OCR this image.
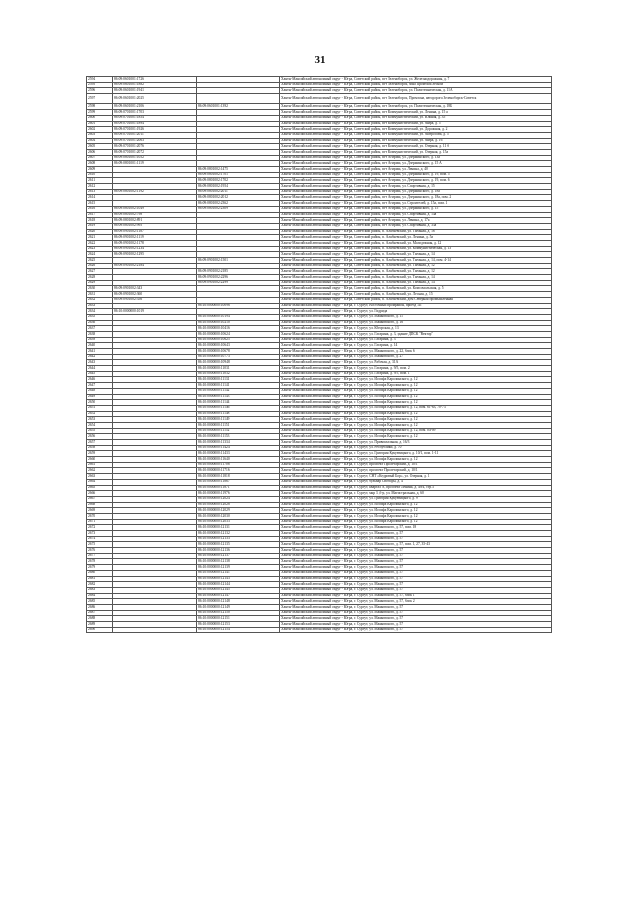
31
2594	86:09:0601001:1726		Ханты-Мансийский автономный округ - Югра, Советский район, пгт Зеленоборск, ул. Железнодорожная, д. 7
2595	86:09:0601001:1882		Ханты-Мансийский автономный округ - Югра, Советский район, пгт Зеленоборск, зона Промбаза лесной
2596	86:09:0601001:1941		Ханты-Мансийский автономный округ - Югра, Советский район, пгт Зеленоборск, ул. Политехническая, д. 11А
2597	86:09:0601001:2025		Ханты-Мансийский автономный округ - Югра, Советский район, пгт Зеленоборск, Промзона, автодорога Зеленоборск-Советск
2598	86:09:0601001:2106	86:09:0601001:1392	Ханты-Мансийский автономный округ - Югра, Советский район, пгт Зеленоборск, ул. Политехническая, д. 18Б
2599	86:09:0701001:1703		Ханты-Мансийский автономный округ - Югра, Советский район, пгт Коммунистический, ул. Ленина, д. 15 а
2600	86:09:0701001:1854		Ханты-Мансийский автономный округ - Югра, Советский район, пгт Коммунистический, ул. Южная, д. 35
2601	86:09:0701001:1894		Ханты-Мансийский автономный округ - Югра, Советский район, пгт Коммунистический, ул. Мира, д. 5
2602	86:09:0701001:1926		Ханты-Мансийский автономный округ - Югра, Советский район, пгт Коммунистический, ул. Дорожная, д. 2
2603	86:09:0701001:2011		Ханты-Мансийский автономный округ - Югра, Советский район, пгт Коммунистический, ул. Матросова, д. 5
2604	86:09:0701001:2063		Ханты-Мансийский автономный округ - Югра, Советский район, пгт Коммунистический, ул. Мира, д. 16
2605	86:09:0701001:2076		Ханты-Мансийский автономный округ - Югра, Советский район, пгт Коммунистический, ул. Озерная, д. 11 б
2606	86:09:0701001:2072		Ханты-Мансийский автономный округ - Югра, Советский район, пгт Коммунистический, ул. Озерная, д. 15а
2607	86:09:0801001:1052		Ханты-Мансийский автономный округ - Югра, Советский район, пгт Агириш, ул. Дзержинского, д. 13а
2608	86:09:0801001:1119		Ханты-Мансийский автономный округ - Югра, Советский район, пгт Агириш, ул. Дзержинского, д. 15 А
2609		86:09:0801002:1475	Ханты-Мансийский автономный округ - Югра, Советский район, пгт Агириш, ул. Ленина, д. 40
2610		86:09:0801002:1701	Ханты-Мансийский автономный округ - Югра, Советский район, пгт Агириш, ул. Дзержинского, д. 19, пом. 5
2611		86:09:0801002:1702	Ханты-Мансийский автономный округ - Югра, Советский район, пгт Агириш, ул. Дзержинского, д. 19, пом. 6
2612		86:09:0801002:1954	Ханты-Мансийский автономный округ - Югра, Советский район, пгт Агириш, ул. Спортивная, д. 15
2613	86:09:0801002:1192	86:09:0801002:2011	Ханты-Мансийский автономный округ - Югра, Советский район, пгт Агириш, ул. Дзержинского, д. 18а
2614		86:09:0801002:2012	Ханты-Мансийский автономный округ - Югра, Советский район, пгт Агириш, ул. Дзержинского, д. 18а, пом. 2
2615		86:09:0801002:2362	Ханты-Мансийский автономный округ - Югра, Советский район, пгт Агириш, ул. Строителей, д. 15а, пом. 1
2616	86:09:0801002:1049	86:09:0801002:2309	Ханты-Мансийский автономный округ - Югра, Советский район, пгт Агириш, ул. Дзержинского, д. 15
2617	86:09:0801002:798		Ханты-Мансийский автономный округ - Югра, Советский район, пгт Агириш, ул. Спортивная, д. 14а
2618	86:09:0801002:891		Ханты-Мансийский автономный округ - Югра, Советский район, пгт Агириш, ул. Ленина, д. 17а
2619	86:09:0801002:995		Ханты-Мансийский автономный округ - Югра, Советский район, пгт Агириш, ул. Спортивная, д. 33а
2620	86:09:0901002:1187		Ханты-Мансийский автономный округ - Югра, Советский район, п. Алябьевский, ул. Таежная, д. 16
2621	86:09:0901002:1119		Ханты-Мансийский автономный округ - Югра, Советский район, п. Алябьевский, ул. Ленина, д. 5а
2622	86:09:0901002:1178		Ханты-Мансийский автономный округ - Югра, Советский район, п. Алябьевский, ул. Молодежная, д. 12
2623	86:09:0901002:1234		Ханты-Мансийский автономный округ - Югра, Советский район, п. Алябьевский, ул. Коммунистическая, д. 13
2624	86:09:0901002:1295		Ханты-Мансийский автономный округ - Югра, Советский район, п. Алябьевский, ул. Таежная, д. 14
2625		86:09:0901002:1501	Ханты-Мансийский автономный округ - Югра, Советский район, п. Алябьевский, ул. Таежная, д. 14, пом. 4-14
2626	86:09:0901002:2184		Ханты-Мансийский автономный округ - Югра, Советский район, п. Алябьевский, ул. Таежная, д. 12
2627		86:09:0901002:2185	Ханты-Мансийский автономный округ - Югра, Советский район, п. Алябьевский, ул. Таежная, д. 12
2628		86:09:0901002:2296	Ханты-Мансийский автономный округ - Югра, Советский район, п. Алябьевский, ул. Таежная, д. 14
2629		86:09:0901002:2299	Ханты-Мансийский автономный округ - Югра, Советский район, п. Алябьевский, ул. Таежная, д. 14
2630	86:09:0901002:343		Ханты-Мансийский автономный округ - Югра, Советский район, п. Алябьевский, ул. Комсомольская, д. 5
2631	86:09:0901002:360		Ханты-Мансийский автономный округ - Югра, Советский район, п. Алябьевский, ул. Лесная, д. 15
2632	86:09:0901002:356		Ханты-Мансийский автономный округ - Югра, Советский район, п. Алябьевский, дом Северная промышленная
2633		86:10:0000000:10096	Ханты-Мансийский автономный округ - Югра, г. Сургут, Восточный промрайон, проезд 1П
2634	86:10:0000000:1019		Ханты-Мансийский автономный округ - Югра, г. Сургут, ул. Гидрида
2635		86:10:0000000:10194	Ханты-Мансийский автономный округ - Югра, г. Сургут, ул. Маяковского, д. 11
2636		86:10:0000000:10210	Ханты-Мансийский автономный округ - Югра, г. Сургут, ул. Маяковского, д. 16
2637		86:10:0000000:10416	Ханты-Мансийский автономный округ - Югра, г. Сургут, ул. Югорская, д. 13
2638		86:10:0000000:10624	Ханты-Мансийский автономный округ - Югра, г. Сургут, ул. Гагарина, д. 3, здание ДПСК "Вектор"
2639		86:10:0000000:10625	Ханты-Мансийский автономный округ - Югра, г. Сургут, ул. Гагарина, д. 3
2640		86:10:0000000:10643	Ханты-Мансийский автономный округ - Югра, г. Сургут, ул. Гагарина, д. 14
2641		86:10:0000000:10678	Ханты-Мансийский автономный округ - Югра, г. Сургут, ул. Маяковского, д. 22, блок 6
2642		86:10:0000000:10773	Ханты-Мансийский автономный округ - Югра, г. Сургут, ул. Маяковского, д. 27
2643		86:10:0000000:10948	Ханты-Мансийский автономный округ - Югра, г. Сургут, ул. Рабочая, д. 31А
2644		86:10:0000000:11031	Ханты-Мансийский автономный округ - Югра, г. Сургут, ул. Гагарина, д. 9/5, пом. 2
2645		86:10:0000000:11032	Ханты-Мансийский автономный округ - Югра, г. Сургут, ул. Гагарина, д. 9/5, пом. 1
2646		86:10:0000000:11131	Ханты-Мансийский автономный округ - Югра, г. Сургут, ул. Иосифа Каролинского, д. 12
2647		86:10:0000000:11141	Ханты-Мансийский автономный округ - Югра, г. Сургут, ул. Иосифа Каролинского, д. 12
2648		86:10:0000000:11142	Ханты-Мансийский автономный округ - Югра, г. Сургут, ул. Иосифа Каролинского, д. 12
2649		86:10:0000000:11143	Ханты-Мансийский автономный округ - Югра, г. Сургут, ул. Иосифа Каролинского, д. 12
2650		86:10:0000000:11144	Ханты-Мансийский автономный округ - Югра, г. Сургут, ул. Иосифа Каролинского, д. 12
2651		86:10:0000000:11146	Ханты-Мансийский автономный округ - Югра, г. Сургут, ул. Иосифа Каролинского, д. 12, пом. 61-63, 70-73
2652		86:10:0000000:11148	Ханты-Мансийский автономный округ - Югра, г. Сургут, ул. Иосифа Каролинского, д. 12
2653		86:10:0000000:11149	Ханты-Мансийский автономный округ - Югра, г. Сургут, ул. Иосифа Каролинского, д. 12
2654		86:10:0000000:11151	Ханты-Мансийский автономный округ - Югра, г. Сургут, ул. Иосифа Каролинского, д. 12
2655		86:10:0000000:11152	Ханты-Мансийский автономный округ - Югра, г. Сургут, ул. Иосифа Каролинского, д. 12, пом. 04-09
2656		86:10:0000000:11153	Ханты-Мансийский автономный округ - Югра, г. Сургут, ул. Иосифа Каролинского, д. 12
2657		86:10:0000000:11334	Ханты-Мансийский автономный округ - Югра, г. Сургут, ул. Привокзальная, д. 16/3
2658		86:10:0000000:11424	Ханты-Мансийский автономный округ - Югра, г. Сургут, ул. Республики, д. 70
2659		86:10:0000000:11433	Ханты-Мансийский автономный округ - Югра, г. Сургут, ул. Григория Кукуевицкого, д. 10/1, пом. 1-11
2660		86:10:0000000:11640	Ханты-Мансийский автономный округ - Югра, г. Сургут, ул. Иосифа Каролинского, д. 12
2661		86:10:0000000:11708	Ханты-Мансийский автономный округ - Югра, г. Сургут, проспект Пролетарский, д. 10/1
2662		86:10:0000000:11716	Ханты-Мансийский автономный округ - Югра, г. Сургут, проспект Пролетарский, д. 10/1
2663		86:10:0000000:11818	Ханты-Мансийский автономный округ - Югра, г. Сургут, СНТ «Кедровый Бор», ул. Озерная, д. 1
2664		86:10:0000000:11867	Ханты-Мансийский автономный округ - Югра, г. Сургут, бульвар Свободы, д. 4
2665		86:10:0000000:11871	Ханты-Мансийский автономный округ - Югра, г. Сургут, квартал А, проспект Ленина, д. 49/4, стр.3
2666		86:10:0000000:11976	Ханты-Мансийский автономный округ - Югра, г. Сургут, мкр 3 ,б-р, ул. Магистральная, д. 60
2667		86:10:0000000:12024	Ханты-Мансийский автономный округ - Югра, г. Сургут, ул. Григория Кукуевицкого, д. 9
2668		86:10:0000000:12028	Ханты-Мансийский автономный округ - Югра, г. Сургут, ул. Иосифа Каролинского, д. 12
2669		86:10:0000000:12029	Ханты-Мансийский автономный округ - Югра, г. Сургут, ул. Иосифа Каролинского, д. 12
2670		86:10:0000000:12030	Ханты-Мансийский автономный округ - Югра, г. Сургут, ул. Иосифа Каролинского, д. 12
2671		86:10:0000000:12033	Ханты-Мансийский автономный округ - Югра, г. Сургут, ул. Иосифа Каролинского, д. 12
2672		86:10:0000000:12131	Ханты-Мансийский автономный округ - Югра, г. Сургут, ул. Маяковского, д. 57, пом. 18
2673		86:10:0000000:12132	Ханты-Мансийский автономный округ - Югра, г. Сургут, ул. Маяковского, д. 57
2674		86:10:0000000:12133	Ханты-Мансийский автономный округ - Югра, г. Сургут, ул. Маяковского, д. 57
2675		86:10:0000000:12135	Ханты-Мансийский автономный округ - Югра, г. Сургут, ул. Маяковского, д. 57, пом. 1, 27, 35-43
2676		86:10:0000000:12136	Ханты-Мансийский автономный округ - Югра, г. Сургут, ул. Маяковского, д. 57
2677		86:10:0000000:12137	Ханты-Мансийский автономный округ - Югра, г. Сургут, ул. Маяковского, д. 57
2678		86:10:0000000:12138	Ханты-Мансийский автономный округ - Югра, г. Сургут, ул. Маяковского, д. 57
2679		86:10:0000000:12139	Ханты-Мансийский автономный округ - Югра, г. Сургут, ул. Маяковского, д. 57
2680		86:10:0000000:12141	Ханты-Мансийский автономный округ - Югра, г. Сургут, ул. Маяковского, д. 57
2681		86:10:0000000:12143	Ханты-Мансийский автономный округ - Югра, г. Сургут, ул. Маяковского, д. 57
2682		86:10:0000000:12144	Ханты-Мансийский автономный округ - Югра, г. Сургут, ул. Маяковского, д. 57
2683		86:10:0000000:12145	Ханты-Мансийский автономный округ - Югра, г. Сургут, ул. Маяковского, д. 57
2684		86:10:0000000:12147	Ханты-Мансийский автономный округ - Югра, г. Сургут, ул. Маяковского, д. 57, блок 1
2685		86:10:0000000:12148	Ханты-Мансийский автономный округ - Югра, г. Сургут, ул. Маяковского, д. 57, блок 2
2686		86:10:0000000:12149	Ханты-Мансийский автономный округ - Югра, г. Сургут, ул. Маяковского, д. 57
2687		86:10:0000000:12150	Ханты-Мансийский автономный округ - Югра, г. Сургут, ул. Маяковского, д. 57
2688		86:10:0000000:12151	Ханты-Мансийский автономный округ - Югра, г. Сургут, ул. Маяковского, д. 57
2689		86:10:0000000:12153	Ханты-Мансийский автономный округ - Югра, г. Сургут, ул. Маяковского, д. 57
2690		86:10:0000000:12154	Ханты-Мансийский автономный округ - Югра, г. Сургут, ул. Маяковского, д. 57
